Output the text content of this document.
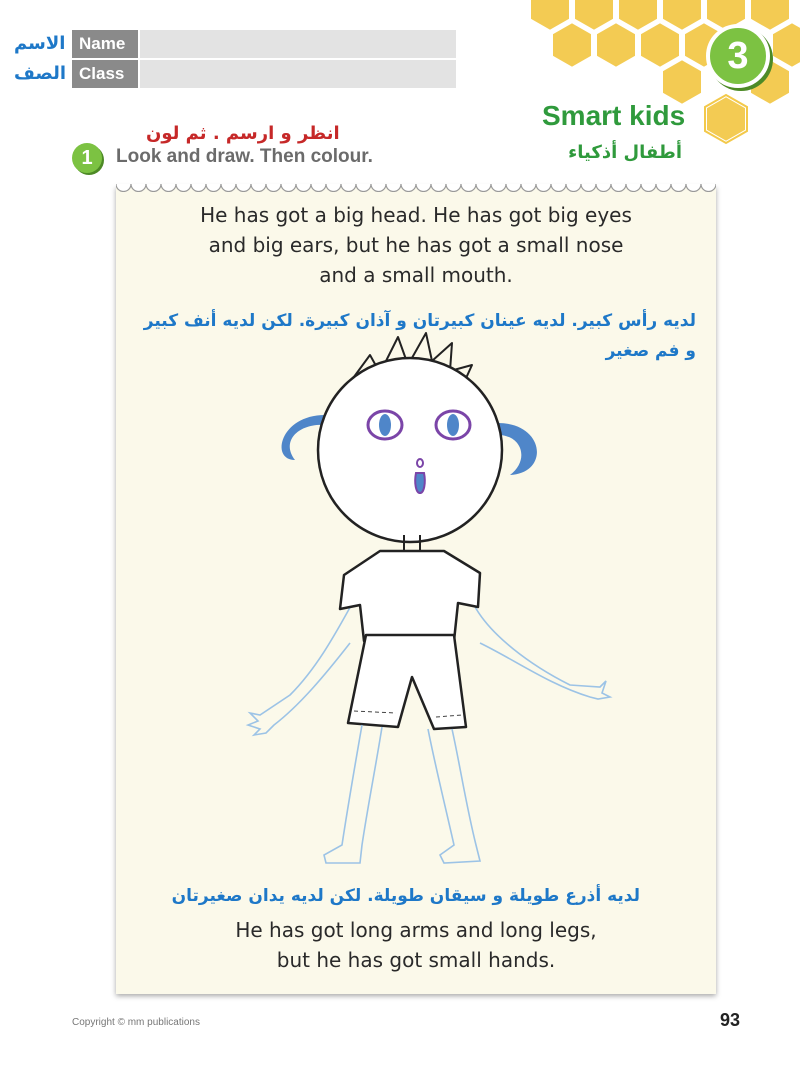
3
الاسم Name
الصف Class
Smart kids
أطفال أذكياء
انظر و ارسم . ثم لون
1	Look and draw. Then colour.
He has got a big head. He has got big eyes
and big ears, but he has got a small nose
and a small mouth.
لديه رأس كبير. لديه عينان كبيرتان و آذان كبيرة. لكن لديه أنف كبير
و فم صغير
لديه أذرع طويلة و سيقان طويلة. لكن لديه يدان صغيرتان
He has got long arms and long legs,
but he has got small hands.
Copyright © mm publications	93
